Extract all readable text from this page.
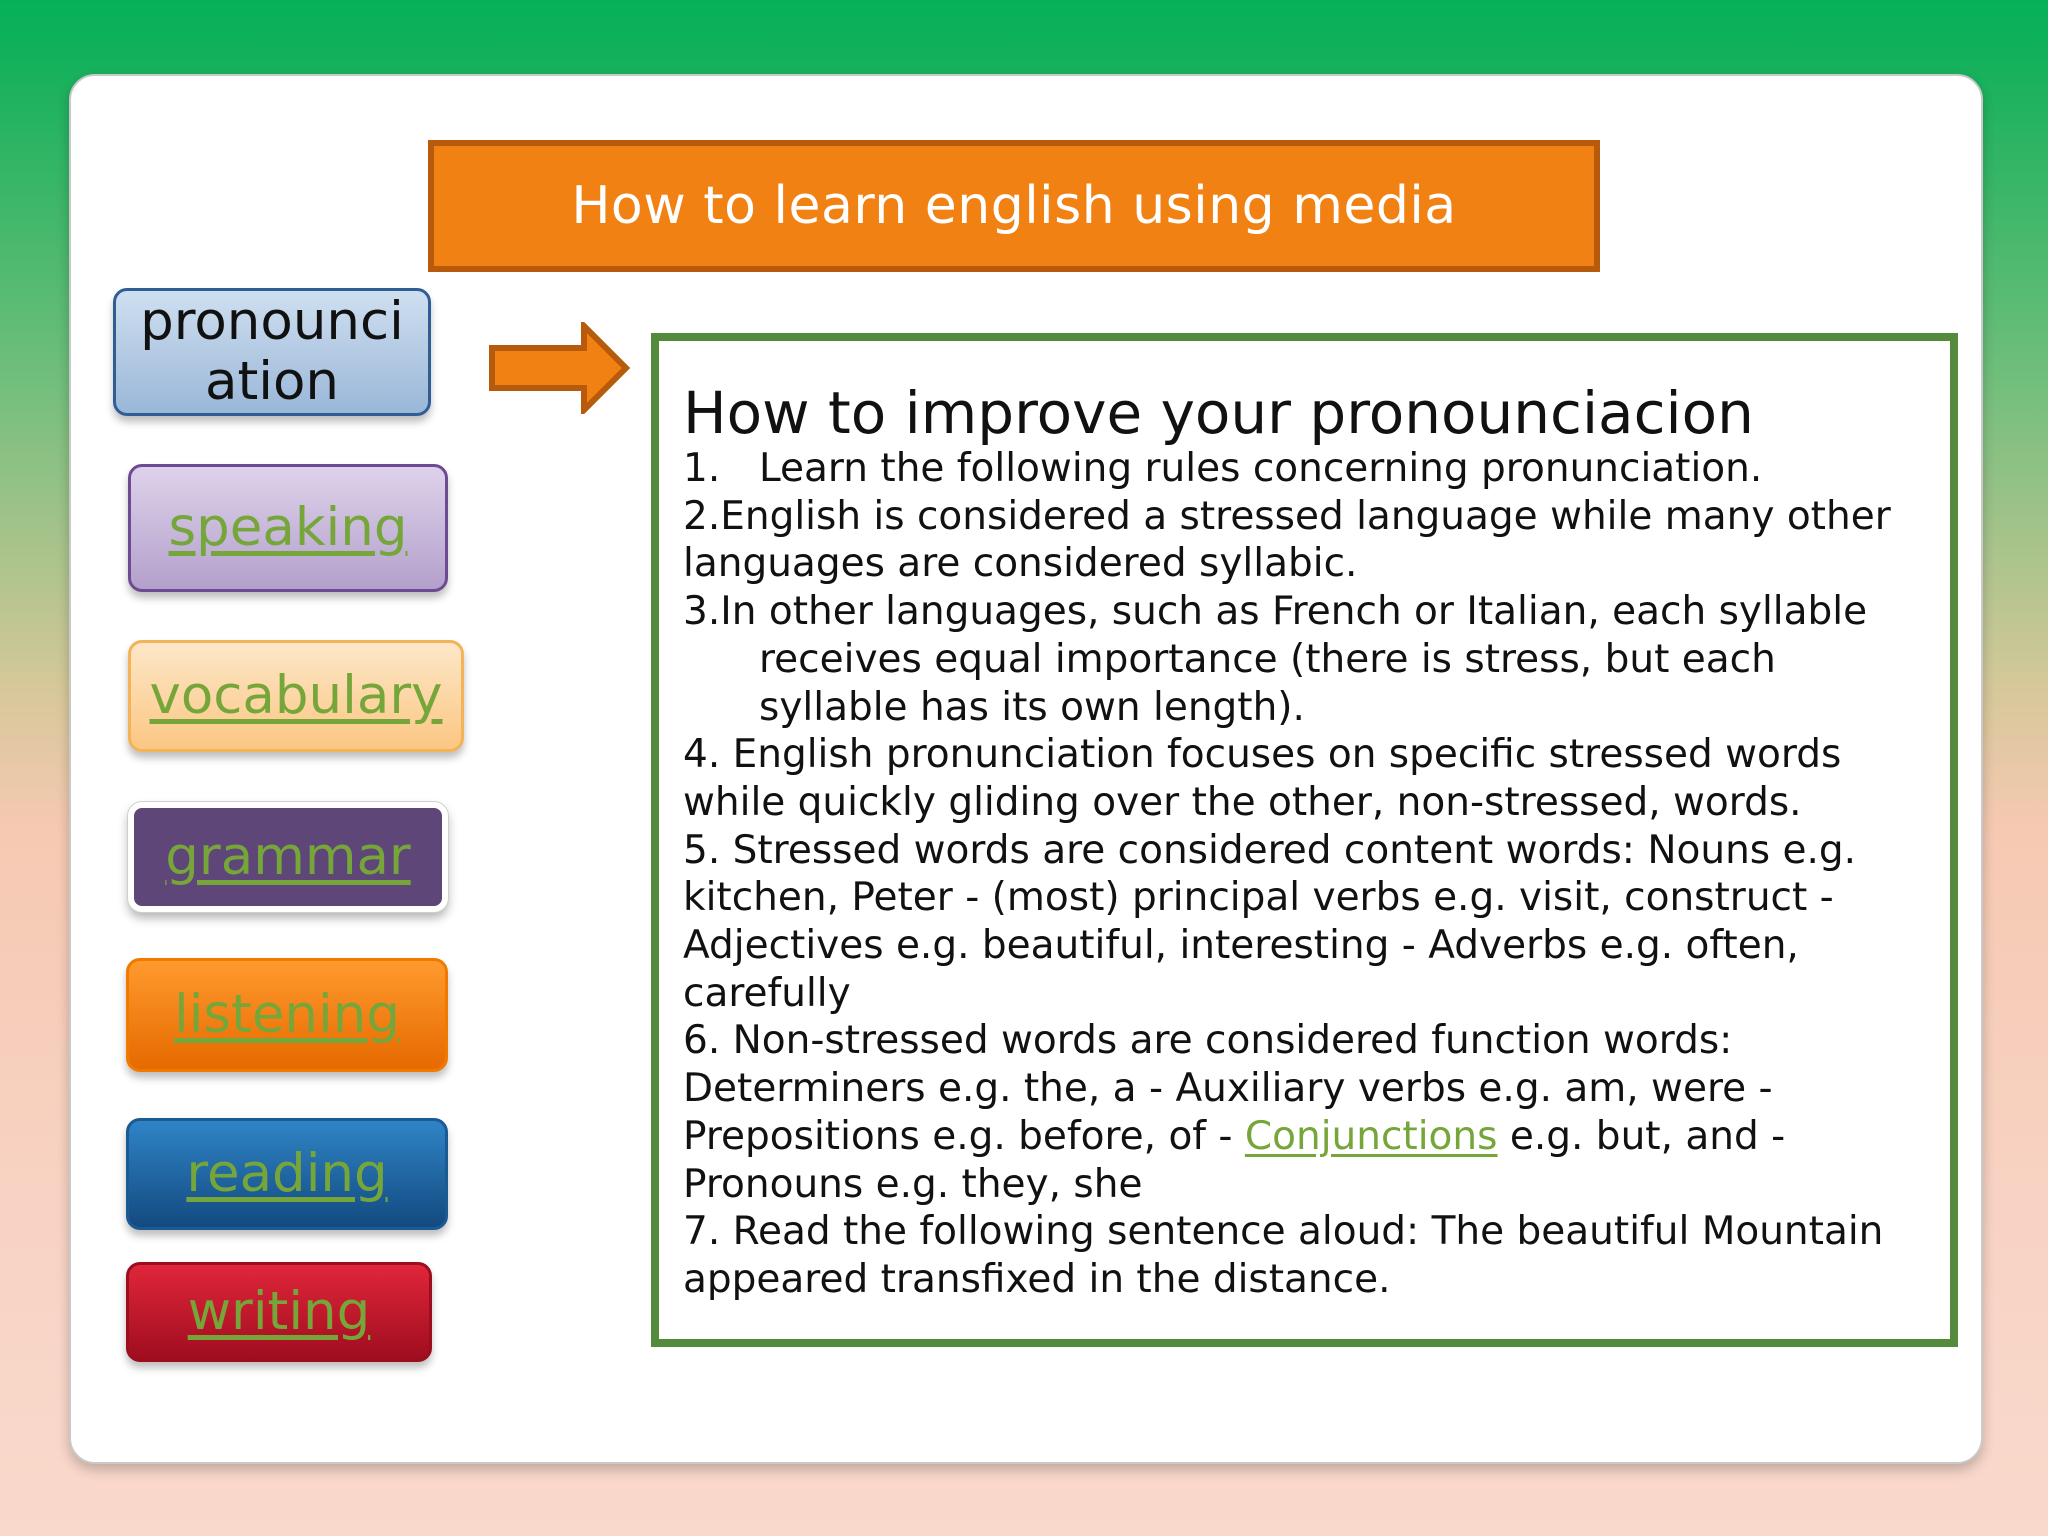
How to learn english using media
pronounciation
speaking
vocabulary
grammar
listening
reading
writing

How to improve your pronounciacion

1. Learn the following rules concerning pronunciation.

2.English is considered a stressed language while many other

languages are considered syllabic.

3.In other languages, such as French or Italian, each syllable

receives equal importance (there is stress, but each

syllable has its own length).

4. English pronunciation focuses on specific stressed words

while quickly gliding over the other, non-stressed, words.

5. Stressed words are considered content words: Nouns e.g.

kitchen, Peter - (most) principal verbs e.g. visit, construct -

Adjectives e.g. beautiful, interesting - Adverbs e.g. often,

carefully

6. Non-stressed words are considered function words:

Determiners e.g. the, a - Auxiliary verbs e.g. am, were -

Prepositions e.g. before, of - Conjunctions e.g. but, and -

Pronouns e.g. they, she

7. Read the following sentence aloud: The beautiful Mountain

appeared transfixed in the distance.
